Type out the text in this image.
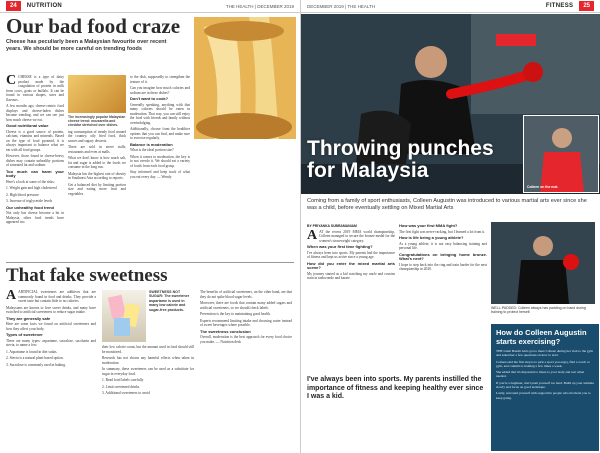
24	NUTRITION	THE HEALTH | DECEMBER 2019
Our bad food craze
Cheese has peculiarly been a Malaysian favourite over recent years. We should be more careful on trending foods

CCHEESE is a type of dairy product made by the coagulation of protein in milk from cows, goats or buffalo. It can be found in various shapes, sizes and flavours.

A few months ago, cheese-centric food displays and cheese-laden dishes became trending, and we can see just how much cheese we eat.

Good nutritional value

Cheese is a good source of protein, calcium, vitamins and minerals. Based on the type of food pyramid, it is always important to balance what we eat with all food groups.

However, those found in cheese-heavy dishes may contain unhealthy portions of saturated fat and sodium.

Too much can harm your body

Here's a look at some of the risks:

1. Weight gain and high cholesterol

2. High blood pressure

3. Increase of triglyceride levels

Our unhealthy food trend

Not only has cheese become a hit in Malaysia, other food trends have appeared too.

The increasingly popular Malaysian cheese trend: mozzarella and cheddar stretched over dishes.

ing consumption of trendy food around the country; oily fried food, thick sauces and sugary desserts.

These are sold in street stalls, restaurants and even at malls.

What we don't know is how much salt, fat and sugar is added to the foods we consume in the long run.

Malaysia has the highest rate of obesity in Southeast Asia according to reports.

Get a balanced diet by limiting portion size and eating more fruit and vegetables.

to the dish, supposedly to strengthen the texture of it.

Can you imagine how much calories and sodium are in these dishes?

Don't want to cook?

Generally speaking, anything with that many calories should be eaten in moderation. That way, you can still enjoy the food with friends and family without overindulging.

Additionally, choose from the healthier options that you can find, and make sure to exercise regularly.

Balance is moderation

What is the ideal portion size?

When it comes to moderation, the key is to not overdo it. We should eat a variety of foods from each food group.

Stay informed and keep track of what you eat every day. — Wendy

That fake sweetness

AARTIFICIAL sweeteners are additives that are commonly found in food and drinks. They provide a sweet taste but contain little to no calories.

Malaysians are known to love sweet drinks, and many have switched to artificial sweeteners to reduce sugar intake.

They are generally safe

Here are some facts we found on artificial sweeteners and how they affect your body.

Types of sweetener

There are many types: aspartame, sucralose, saccharin and stevia, to name a few.

1. Aspartame is found in diet sodas.

2. Stevia is a natural plant-based option.

3. Sucralose is commonly used in baking.

SWEETNESS NOT SUGAR: The sweetener aspartame is used in many low calorie and sugar-free products.

their low calorie count, but the amount used in food should still be monitored.

Research has not shown any harmful effects when taken in moderation.

In summary, these sweeteners can be used as a substitute for sugar in everyday food.

1. Read food labels carefully

2. Limit sweetened drinks

3. Additional sweeteners to avoid

The benefits of artificial sweeteners, on the other hand, are that they do not spike blood sugar levels.

Moreover, there are foods that contain many added sugars and artificial sweeteners, so we should check labels.

Prevention is the key to maintaining good health.

Experts recommend limiting intake and choosing water instead of sweet beverages where possible.

The sweetness conclusion

Overall, moderation is the best approach for every food choice you make. — Nutrition desk

DECEMBER 2019 | THE HEALTH	FITNESS	25
Colleen on the mat.
Throwing punches for Malaysia
Coming from a family of sport enthusiasts, Colleen Augustin was introduced to various martial arts ever since she was a child, before eventually settling on Mixed Martial Arts
BY PRIYANKA SUBRAMANIAM

AAT the recent 2019 MMA world championship, Colleen managed to secure the bronze medal for the women's strawweight category.

When was your first time fighting?

I've always been into sports. My parents had the importance of fitness and kept us active since a young age.

How did you enter the mixed martial arts scene?

My journey started as a kid watching my uncle and cousins train in taekwondo and karate.

How was your first MMA fight?

The first fight was nerve-racking, but I learned a lot from it.

How is life being a young athlete?

As a young athlete, it is not easy balancing training and personal life.

Congratulations on bringing home bronze. What's next?

I hope to step back into the ring and train harder for the next championship in 2020.

WELL-PADDED: Colleen always has padding on hand during training to protect herself.
I've always been into sports. My parents instilled the importance of fitness and keeping healthy ever since I was a kid.
How do Colleen Augustin starts exercising?

THE Glam Bandit Girls got to meet Colleen during her visit to the gym and asked her a few questions on how to start.

Colleen said the first step is to pick a sport you enjoy, find a coach or gym, and commit to training a few times a week.

She added that it's important to listen to your body and rest when needed.

If you're a beginner, don't push yourself too hard. Build up your stamina slowly and focus on good technique.

Lastly, surround yourself with supportive people who motivate you to keep going.
